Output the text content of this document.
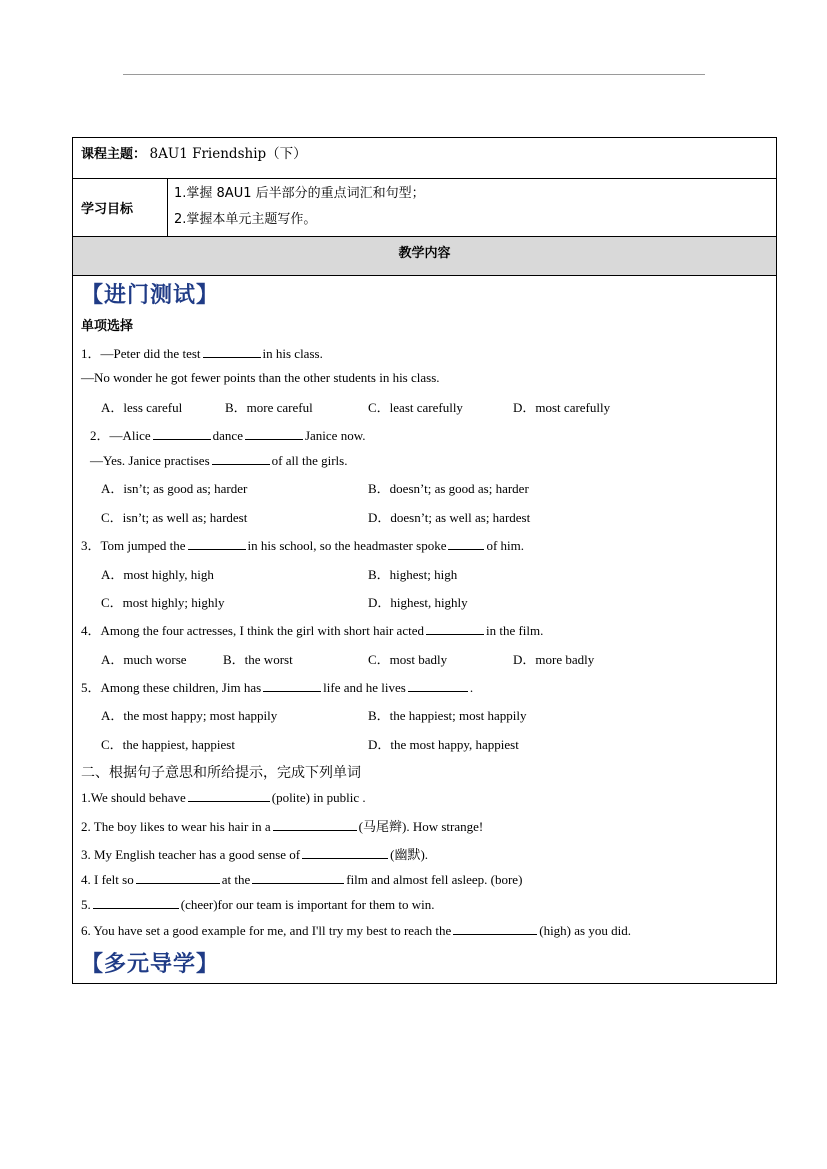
课程主题： 8AU1 Friendship（下）
学习目标
1.掌握 8AU1 后半部分的重点词汇和句型；
2.掌握本单元主题写作。
教学内容
【进门测试】
单项选择
1．—Peter did the test	in his class.
—No wonder he got fewer points than the other students in his class.
A．less careful	B．more careful	C．least carefully	D．most carefully
2．—Alice	dance	Janice now.
—Yes. Janice practises	of all the girls.
A．isn’t; as good as; harder	B．doesn’t; as good as; harder
C．isn’t; as well as; hardest	D．doesn’t; as well as; hardest
3．Tom jumped the	in his school, so the headmaster spoke	of him.
A．most highly, high	B．highest; high
C．most highly; highly	D．highest, highly
4．Among the four actresses, I think the girl with short hair acted	in the film.
A．much worse	B．the worst	C．most badly	D．more badly
5．Among these children, Jim has	life and he lives	.
A．the most happy; most happily	B．the happiest; most happily
C．the happiest, happiest	D．the most happy, happiest
二、根据句子意思和所给提示，完成下列单词
1.We should behave	(polite) in public .
2. The boy likes to wear his hair in a	(马尾辫). How strange!
3. My English teacher has a good sense of	(幽默).
4. I felt so	at the	film and almost fell asleep. (bore)
5.	(cheer)for our team is important for them to win.
6. You have set a good example for me, and I'll try my best to reach the	(high) as you did.
【多元导学】
